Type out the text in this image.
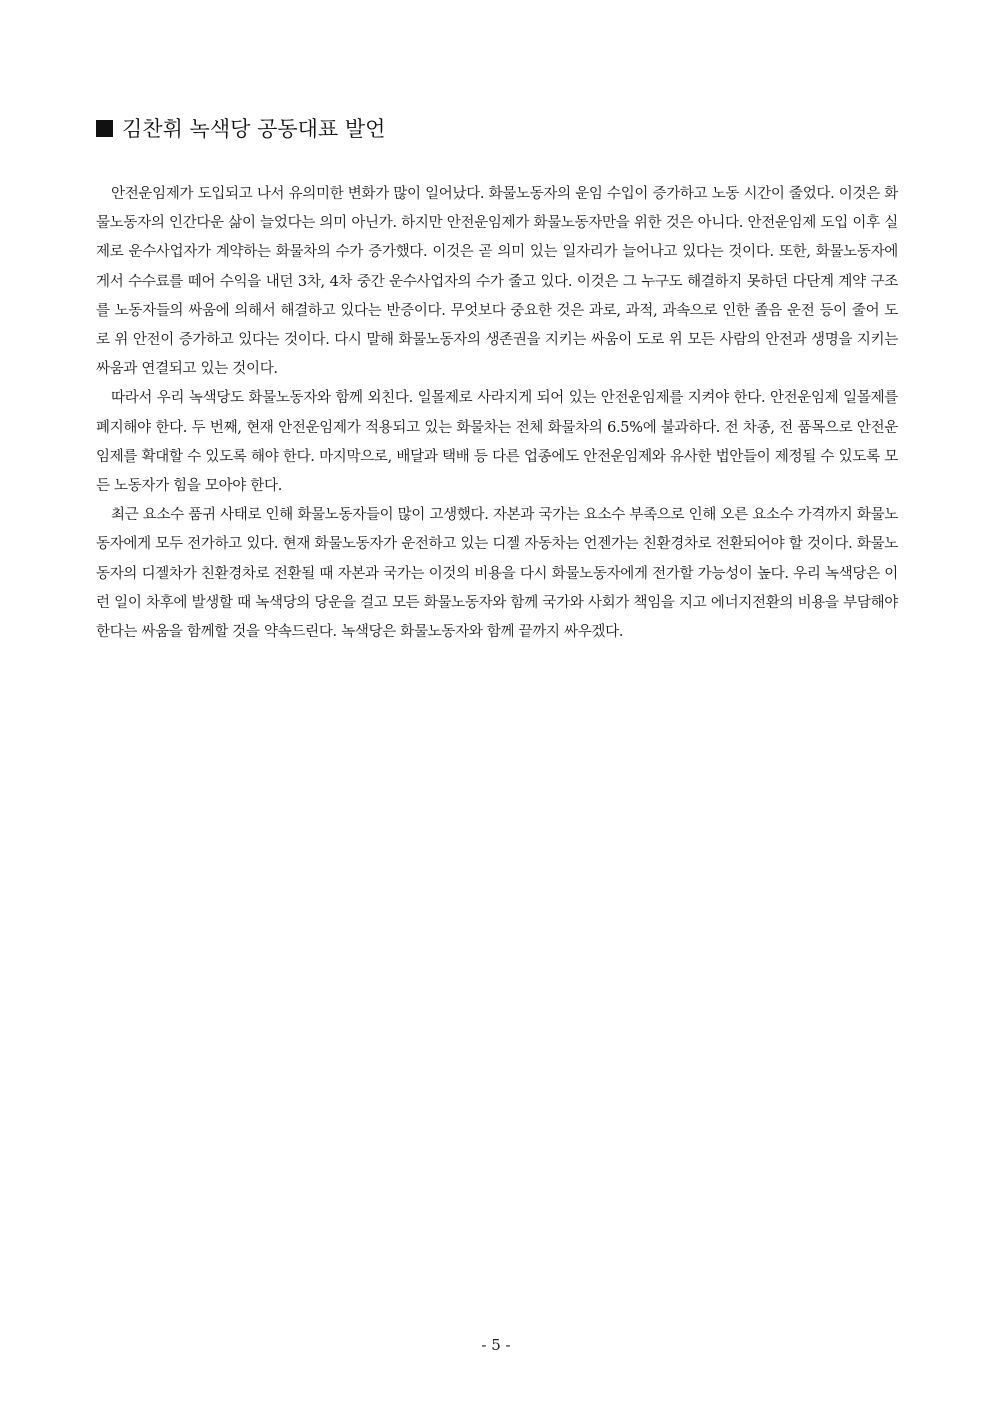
김찬휘 녹색당 공동대표 발언

안전운임제가 도입되고 나서 유의미한 변화가 많이 일어났다. 화물노동자의 운임 수입이 증가하고 노동 시간이 줄었다. 이것은 화물노동자의 인간다운 삶이 늘었다는 의미 아닌가. 하지만 안전운임제가 화물노동자만을 위한 것은 아니다. 안전운임제 도입 이후 실제로 운수사업자가 계약하는 화물차의 수가 증가했다. 이것은 곧 의미 있는 일자리가 늘어나고 있다는 것이다. 또한, 화물노동자에게서 수수료를 떼어 수익을 내던 3차, 4차 중간 운수사업자의 수가 줄고 있다. 이것은 그 누구도 해결하지 못하던 다단계 계약 구조를 노동자들의 싸움에 의해서 해결하고 있다는 반증이다. 무엇보다 중요한 것은 과로, 과적, 과속으로 인한 졸음 운전 등이 줄어 도로 위 안전이 증가하고 있다는 것이다. 다시 말해 화물노동자의 생존권을 지키는 싸움이 도로 위 모든 사람의 안전과 생명을 지키는 싸움과 연결되고 있는 것이다.

따라서 우리 녹색당도 화물노동자와 함께 외친다. 일몰제로 사라지게 되어 있는 안전운임제를 지켜야 한다. 안전운임제 일몰제를 폐지해야 한다. 두 번째, 현재 안전운임제가 적용되고 있는 화물차는 전체 화물차의 6.5%에 불과하다. 전 차종, 전 품목으로 안전운임제를 확대할 수 있도록 해야 한다. 마지막으로, 배달과 택배 등 다른 업종에도 안전운임제와 유사한 법안들이 제정될 수 있도록 모든 노동자가 힘을 모아야 한다.

최근 요소수 품귀 사태로 인해 화물노동자들이 많이 고생했다. 자본과 국가는 요소수 부족으로 인해 오른 요소수 가격까지 화물노동자에게 모두 전가하고 있다. 현재 화물노동자가 운전하고 있는 디젤 자동차는 언젠가는 친환경차로 전환되어야 할 것이다. 화물노동자의 디젤차가 친환경차로 전환될 때 자본과 국가는 이것의 비용을 다시 화물노동자에게 전가할 가능성이 높다. 우리 녹색당은 이런 일이 차후에 발생할 때 녹색당의 당운을 걸고 모든 화물노동자와 함께 국가와 사회가 책임을 지고 에너지전환의 비용을 부담해야 한다는 싸움을 함께할 것을 약속드린다. 녹색당은 화물노동자와 함께 끝까지 싸우겠다.

- 5 -
